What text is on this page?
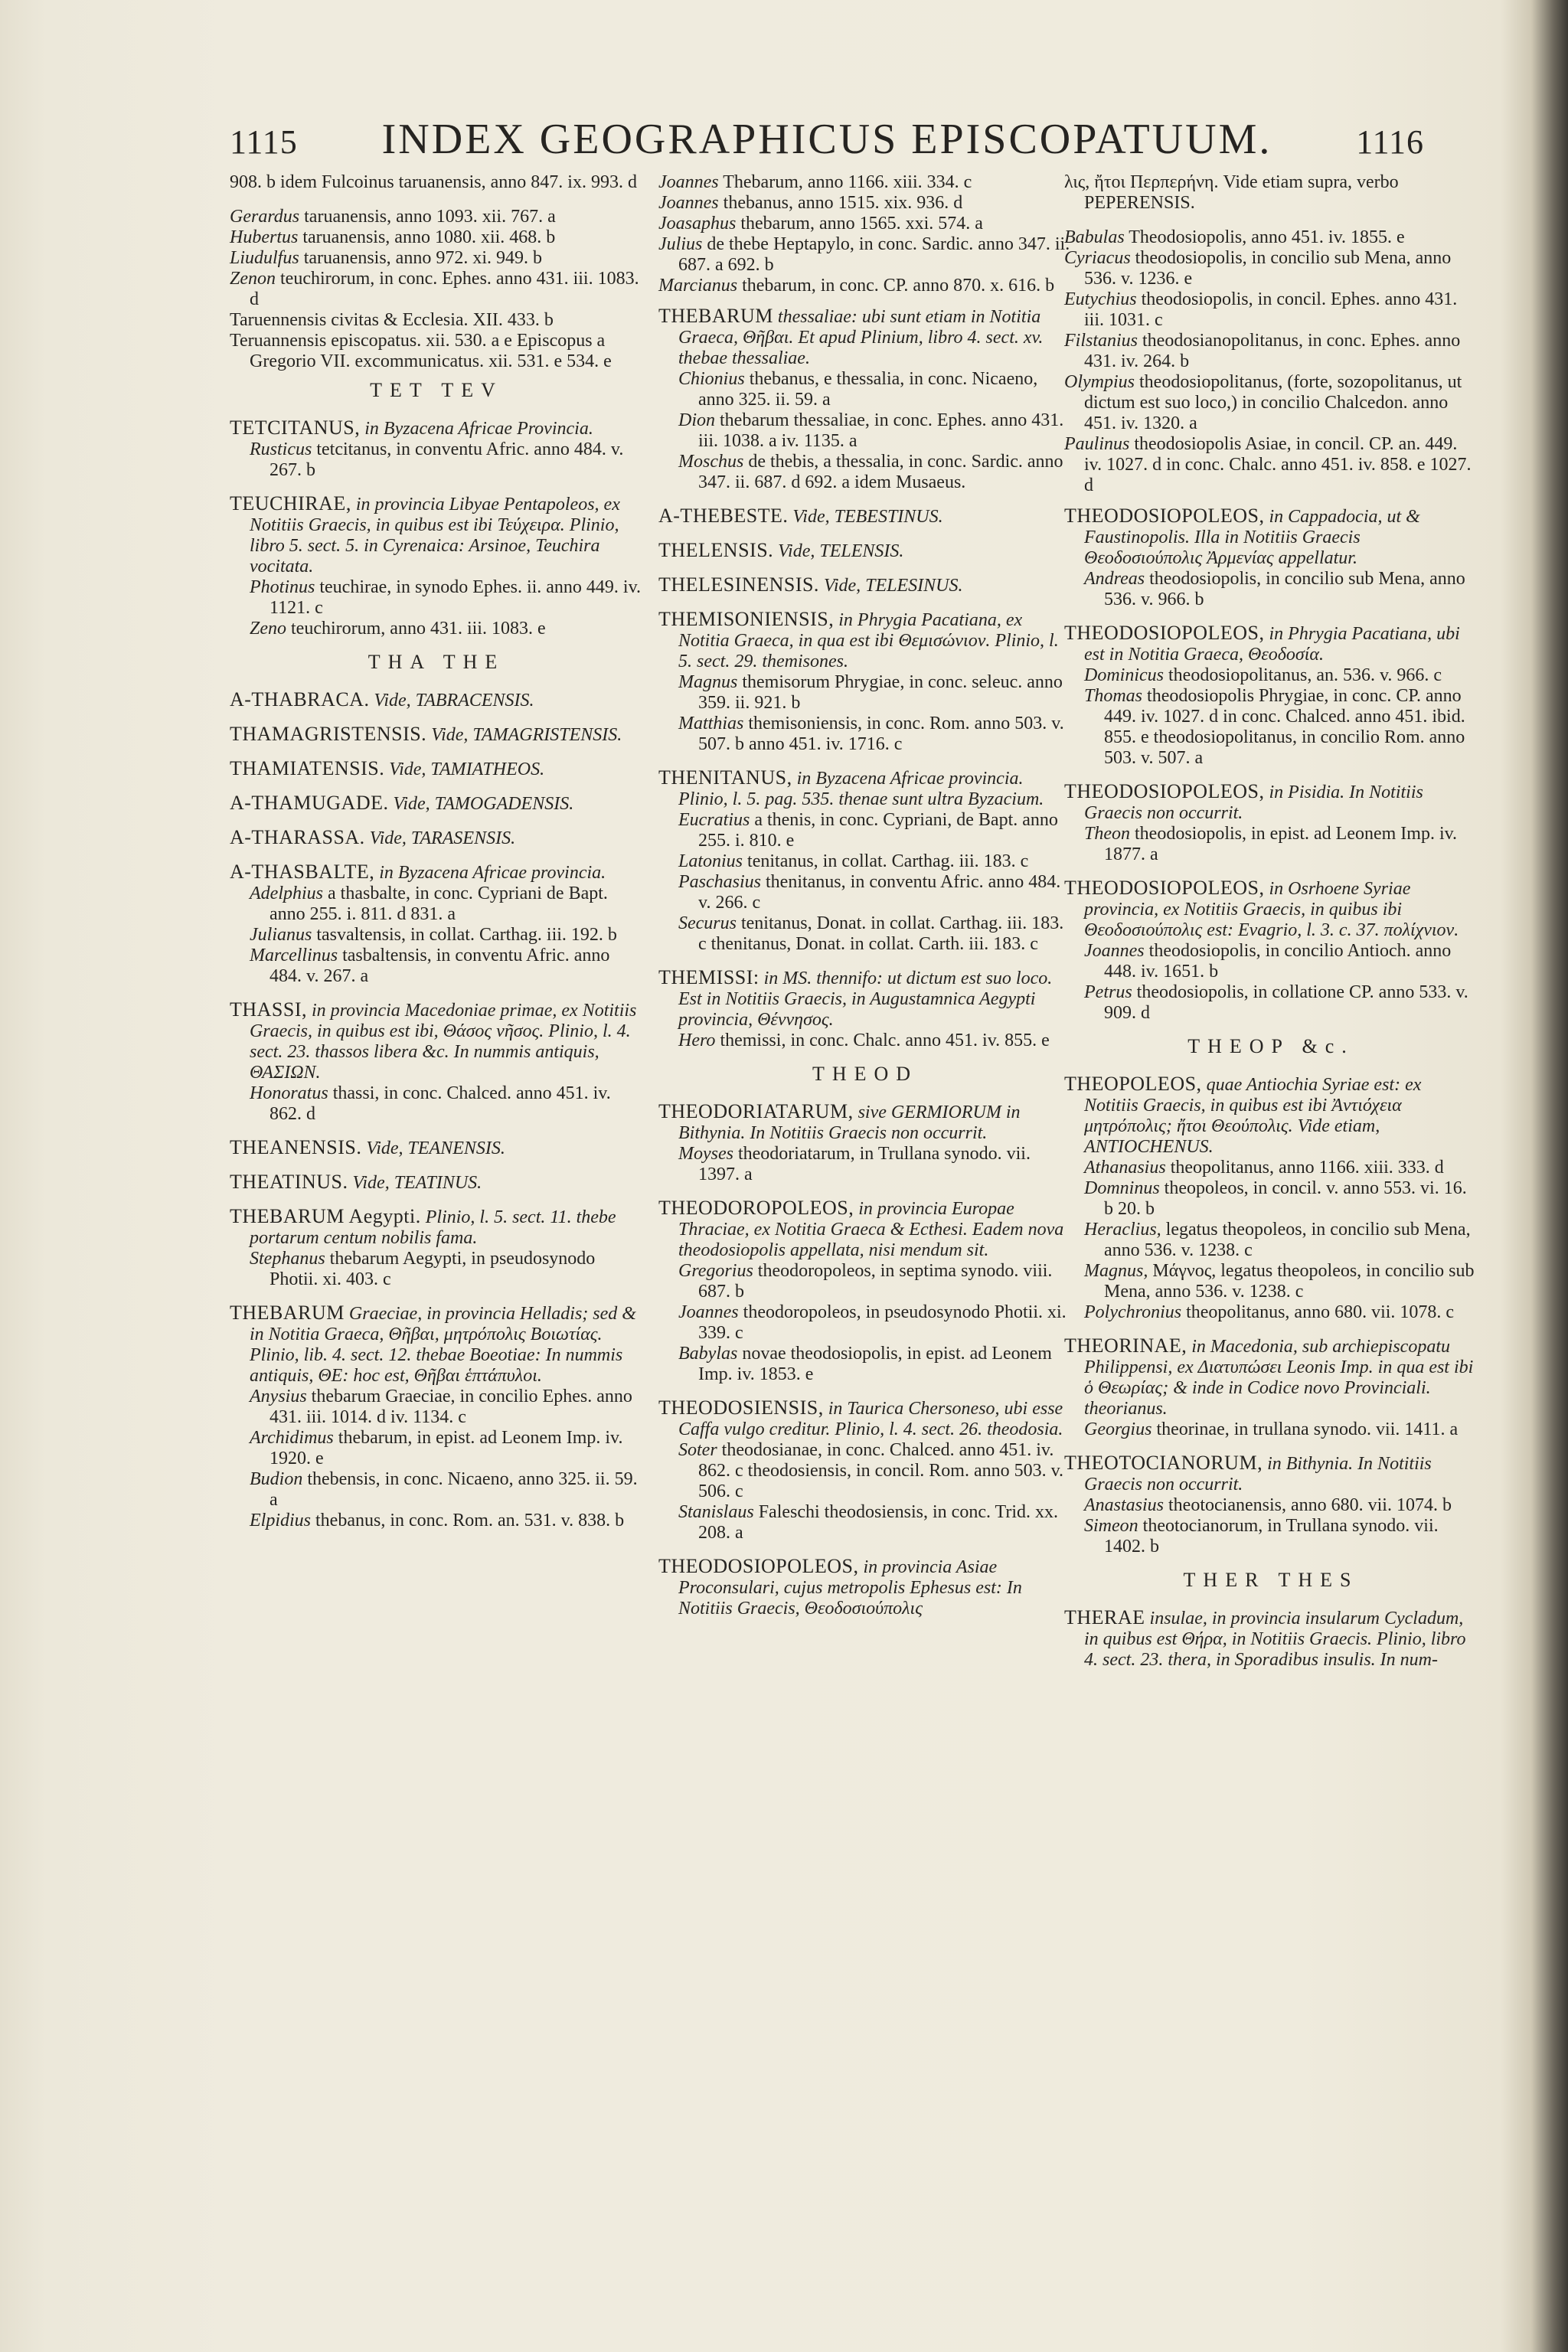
1115 INDEX GEOGRAPHICUS EPISCOPATUUM. 1116
908. b idem Fulcoinus taruanensis, anno 847. ix. 993. d
Gerardus taruanensis, anno 1093. xii. 767. a
Hubertus taruanensis, anno 1080. xii. 468. b
Liudulfus taruanensis, anno 972. xi. 949. b
Zenon teuchirorum, in conc. Ephes. anno 431. iii. 1083. d
Taruennensis civitas & Ecclesia. XII. 433. b
Teruannensis episcopatus. xii. 530. a e Episcopus a Gregorio VII. excommunicatus. xii. 531. e 534. e
TET TEV
TETCITANUS, in Byzacena Africae Provincia.
Rusticus tetcitanus, in conventu Afric. anno 484. v. 267. b
TEUCHIRAE, in provincia Libyae Pentapoleos, ex Notitiis Graecis, in quibus est ibi Τεύχειρα. Plinio, libro 5. sect. 5. in Cyrenaica: Arsinoe, Teuchira vocitata.
Photinus teuchirae, in synodo Ephes. ii. anno 449. iv. 1121. c
Zeno teuchirorum, anno 431. iii. 1083. e
THA THE
A-THABRACA. Vide, TABRACENSIS.
THAMAGRISTENSIS. Vide, TAMAGRISTENSIS.
THAMIATENSIS. Vide, TAMIATHEOS.
A-THAMUGADE. Vide, TAMOGADENSIS.
A-THARASSA. Vide, TARASENSIS.
A-THASBALTE, in Byzacena Africae provincia.
Adelphius a thasbalte, in conc. Cypriani de Bapt. anno 255. i. 811. d 831. a
Julianus tasvaltensis, in collat. Carthag. iii. 192. b
Marcellinus tasbaltensis, in conventu Afric. anno 484. v. 267. a
THASSI, in provincia Macedoniae primae, ex Notitiis Graecis, in quibus est ibi, Θάσος νῆσος. Plinio, l. 4. sect. 23. thassos libera &c. In nummis antiquis, ΘΑΣΙΩΝ.
Honoratus thassi, in conc. Chalced. anno 451. iv. 862. d
THEANENSIS. Vide, TEANENSIS.
THEATINUS. Vide, TEATINUS.
THEBARUM Aegypti. Plinio, l. 5. sect. 11. thebe portarum centum nobilis fama.
Stephanus thebarum Aegypti, in pseudosynodo Photii. xi. 403. c
THEBARUM Graeciae, in provincia Helladis; sed & in Notitia Graeca, Θῆβαι, μητρόπολις Βοιωτίας. Plinio, lib. 4. sect. 12. thebae Boeotiae: In nummis antiquis, ΘΕ: hoc est, Θῆβαι ἑπτάπυλοι.
Anysius thebarum Graeciae, in concilio Ephes. anno 431. iii. 1014. d iv. 1134. c
Archidimus thebarum, in epist. ad Leonem Imp. iv. 1920. e
Budion thebensis, in conc. Nicaeno, anno 325. ii. 59. a
Elpidius thebanus, in conc. Rom. an. 531. v. 838. b
Joannes Thebarum, anno 1166. xiii. 334. c
Joannes thebanus, anno 1515. xix. 936. d
Joasaphus thebarum, anno 1565. xxi. 574. a
Julius de thebe Heptapylo, in conc. Sardic. anno 347. ii. 687. a 692. b
Marcianus thebarum, in conc. CP. anno 870. x. 616. b
THEBARUM thessaliae: ubi sunt etiam in Notitia Graeca, Θῆβαι. Et apud Plinium, libro 4. sect. xv. thebae thessaliae.
Chionius thebanus, e thessalia, in conc. Nicaeno, anno 325. ii. 59. a
Dion thebarum thessaliae, in conc. Ephes. anno 431. iii. 1038. a iv. 1135. a
Moschus de thebis, a thessalia, in conc. Sardic. anno 347. ii. 687. d 692. a idem Musaeus.
A-THEBESTE. Vide, TEBESTINUS.
THELENSIS. Vide, TELENSIS.
THELESINENSIS. Vide, TELESINUS.
THEMISONIENSIS, in Phrygia Pacatiana, ex Notitia Graeca, in qua est ibi Θεμισώνιον. Plinio, l. 5. sect. 29. themisones.
Magnus themisorum Phrygiae, in conc. seleuc. anno 359. ii. 921. b
Matthias themisoniensis, in conc. Rom. anno 503. v. 507. b anno 451. iv. 1716. c
THENITANUS, in Byzacena Africae provincia. Plinio, l. 5. pag. 535. thenae sunt ultra Byzacium.
Eucratius a thenis, in conc. Cypriani, de Bapt. anno 255. i. 810. e
Latonius tenitanus, in collat. Carthag. iii. 183. c
Paschasius thenitanus, in conventu Afric. anno 484. v. 266. c
Securus tenitanus, Donat. in collat. Carthag. iii. 183. c thenitanus, Donat. in collat. Carth. iii. 183. c
THEMISSI: in MS. thennifo: ut dictum est suo loco. Est in Notitiis Graecis, in Augustamnica Aegypti provincia, Θέννησος.
Hero themissi, in conc. Chalc. anno 451. iv. 855. e
THEOD
THEODORIATARUM, sive GERMIORUM in Bithynia. In Notitiis Graecis non occurrit.
Moyses theodoriatarum, in Trullana synodo. vii. 1397. a
THEODOROPOLEOS, in provincia Europae Thraciae, ex Notitia Graeca & Ecthesi. Eadem nova theodosiopolis appellata, nisi mendum sit.
Gregorius theodoropoleos, in septima synodo. viii. 687. b
Joannes theodoropoleos, in pseudosynodo Photii. xi. 339. c
Babylas novae theodosiopolis, in epist. ad Leonem Imp. iv. 1853. e
THEODOSIENSIS, in Taurica Chersoneso, ubi esse Caffa vulgo creditur. Plinio, l. 4. sect. 26. theodosia.
Soter theodosianae, in conc. Chalced. anno 451. iv. 862. c theodosiensis, in concil. Rom. anno 503. v. 506. c
Stanislaus Faleschi theodosiensis, in conc. Trid. xx. 208. a
THEODOSIOPOLEOS, in provincia Asiae Proconsulari, cujus metropolis Ephesus est: In Notitiis Graecis, Θεοδοσιούπολις
λις, ἤτοι Περπερήνη. Vide etiam supra, verbo PEPERENSIS.
Babulas Theodosiopolis, anno 451. iv. 1855. e
Cyriacus theodosiopolis, in concilio sub Mena, anno 536. v. 1236. e
Eutychius theodosiopolis, in concil. Ephes. anno 431. iii. 1031. c
Filstanius theodosianopolitanus, in conc. Ephes. anno 431. iv. 264. b
Olympius theodosiopolitanus, (forte, sozopolitanus, ut dictum est suo loco,) in concilio Chalcedon. anno 451. iv. 1320. a
Paulinus theodosiopolis Asiae, in concil. CP. an. 449. iv. 1027. d in conc. Chalc. anno 451. iv. 858. e 1027. d
THEODOSIOPOLEOS, in Cappadocia, ut & Faustinopolis. Illa in Notitiis Graecis Θεοδοσιούπολις Ἀρμενίας appellatur.
Andreas theodosiopolis, in concilio sub Mena, anno 536. v. 966. b
THEODOSIOPOLEOS, in Phrygia Pacatiana, ubi est in Notitia Graeca, Θεοδοσία.
Dominicus theodosiopolitanus, an. 536. v. 966. c
Thomas theodosiopolis Phrygiae, in conc. CP. anno 449. iv. 1027. d in conc. Chalced. anno 451. ibid. 855. e theodosiopolitanus, in concilio Rom. anno 503. v. 507. a
THEODOSIOPOLEOS, in Pisidia. In Notitiis Graecis non occurrit.
Theon theodosiopolis, in epist. ad Leonem Imp. iv. 1877. a
THEODOSIOPOLEOS, in Osrhoene Syriae provincia, ex Notitiis Graecis, in quibus ibi Θεοδοσιούπολις est: Evagrio, l. 3. c. 37. πολίχνιον.
Joannes theodosiopolis, in concilio Antioch. anno 448. iv. 1651. b
Petrus theodosiopolis, in collatione CP. anno 533. v. 909. d
THEOP &c.
THEOPOLEOS, quae Antiochia Syriae est: ex Notitiis Graecis, in quibus est ibi Ἀντιόχεια μητρόπολις; ἤτοι Θεούπολις. Vide etiam, ANTIOCHENUS.
Athanasius theopolitanus, anno 1166. xiii. 333. d
Domninus theopoleos, in concil. v. anno 553. vi. 16. b 20. b
Heraclius, legatus theopoleos, in concilio sub Mena, anno 536. v. 1238. c
Magnus, Μάγνος, legatus theopoleos, in concilio sub Mena, anno 536. v. 1238. c
Polychronius theopolitanus, anno 680. vii. 1078. c
THEORINAE, in Macedonia, sub archiepiscopatu Philippensi, ex Διατυπώσει Leonis Imp. in qua est ibi ὁ Θεωρίας; & inde in Codice novo Provinciali. theorianus.
Georgius theorinae, in trullana synodo. vii. 1411. a
THEOTOCIANORUM, in Bithynia. In Notitiis Graecis non occurrit.
Anastasius theotocianensis, anno 680. vii. 1074. b
Simeon theotocianorum, in Trullana synodo. vii. 1402. b
THER THES
THERAE insulae, in provincia insularum Cycladum, in quibus est Θήρα, in Notitiis Graecis. Plinio, libro 4. sect. 23. thera, in Sporadibus insulis. In num-
